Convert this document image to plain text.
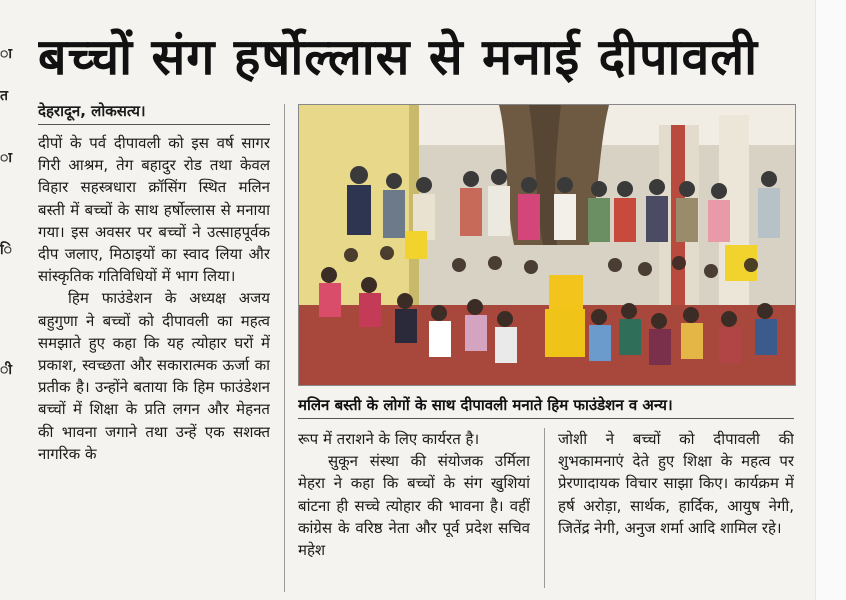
ा
त
ा
ि
ी
बच्चों संग हर्षोल्लास से मनाई दीपावली
देहरादून, लोकसत्य।

दीपों के पर्व दीपावली को इस वर्ष सागर गिरी आश्रम, तेग बहादुर रोड तथा केवल विहार सहस्त्रधारा क्रॉसिंग स्थित मलिन बस्ती में बच्चों के साथ हर्षोल्लास से मनाया गया। इस अवसर पर बच्चों ने उत्साहपूर्वक दीप जलाए, मिठाइयों का स्वाद लिया और सांस्कृतिक गतिविधियों में भाग लिया।

हिम फाउंडेशन के अध्यक्ष अजय बहुगुणा ने बच्चों को दीपावली का महत्व समझाते हुए कहा कि यह त्योहार घरों में प्रकाश, स्वच्छता और सकारात्मक ऊर्जा का प्रतीक है। उन्होंने बताया कि हिम फाउंडेशन बच्चों में शिक्षा के प्रति लगन और मेहनत की भावना जगाने तथा उन्हें एक सशक्त नागरिक के

मलिन बस्ती के लोगों के साथ दीपावली मनाते हिम फाउंडेशन व अन्य।

रूप में तराशने के लिए कार्यरत है।

सुकून संस्था की संयोजक उर्मिला मेहरा ने कहा कि बच्चों के संग खुशियां बांटना ही सच्चे त्योहार की भावना है। वहीं कांग्रेस के वरिष्ठ नेता और पूर्व प्रदेश सचिव महेश

जोशी ने बच्चों को दीपावली की शुभकामनाएं देते हुए शिक्षा के महत्व पर प्रेरणादायक विचार साझा किए। कार्यक्रम में हर्ष अरोड़ा, सार्थक, हार्दिक, आयुष नेगी, जितेंद्र नेगी, अनुज शर्मा आदि शामिल रहे।
